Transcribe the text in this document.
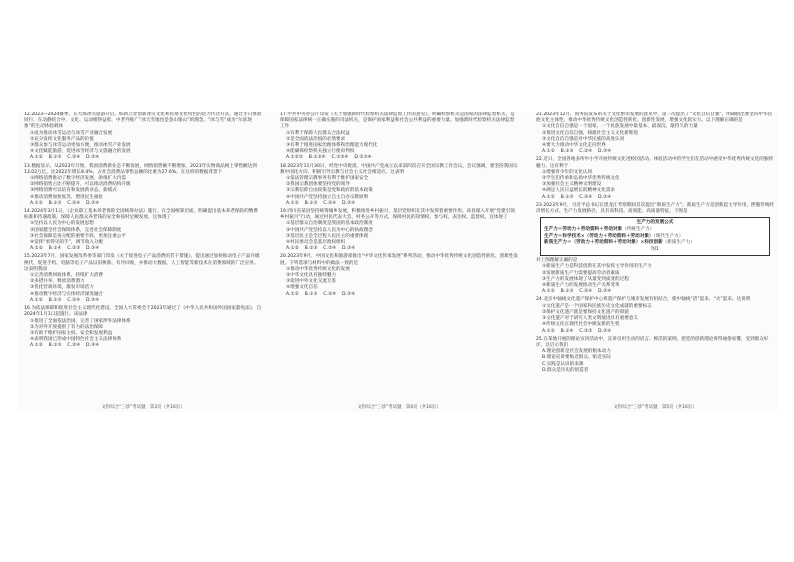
12.2023—2024赛季，在大海冰雪旅游开启，标新立异创新冰雪文化和民俗文化特色的活力传达方式，通过冬日体验同行，在动静结合中，文化、运动相得益彰，中老外推广“冰天雪地也是金山银山”的理念。“冰与雪”成为“尔滨现象”的生动体验载体

①成为推动冰雪运动与冰雪产业融合发展

②充分发挥文化服务产品的价值

③群众参与冰雪运动更加方便，推动冰雪产业发展

④文化赋能旅游，促进冰雪经济与文旅融合的发展

A.①②    B.①③    C.②④    D.③④

13.数据显示，从2023年开始，我国消费新业态不断发展，网络销售额不断增加，2023年实物商品网上零售额达到13.02万亿，比2022年增长8.4%，占社会消费品零售总额的比重为27.6%。在这样的数据背景下

①网络消费推动了数字经济发展，助推扩大内需

②网络销售占比不断提升，可以推动消费结构升级

③网络消费可以培育和发展新业态、新模式

④推动消费加快复苏，增进民生福祉

A.①②    B.①③    C.②④    D.③④

14.2024年3月1日，《企业职工基本养老保险全国统筹办法》施行。在全国统筹层面，明确提出基本养老保险的缴费标准和待遇政策，保障人民群众养老钱的安全和按时足额发放，这体现了

①坚持以人民为中心的发展思想

②国家健全社会保障体系，完善社会保障制度

③社会保障是再分配的重要手段，更加注重公平

④发挥“看得见的手”，调节收入分配

A.①②    B.①④    C.②③    D.③④

15.2023年7月，国家发展改革委等部门印发《关于促进电子产品消费的若干措施》，提出通过加快推动电子产品升级换代，促进手机、电脑等电子产品以旧换新、有序回收，并推动大数据、人工智能等新技术在消费领域的广泛应用。这表明我国

①完善消费回收体系，持续扩大消费

②多措并举，释放消费潜力

③优化营商环境，激发市场活力

④推动数字经济与实体经济深度融合

A.①②    B.①③    C.②④    D.③④

16.为依法保障和促进社会主义现代化建设，全国人大常委会于2023年通过了《中华人民共和国外国国家豁免法》，自2024年1月1日起施行。该法律

①推进了全面依法治国，完善了国家涉外法律体系

②为对外开放提供了有力的法治保障

③有助于维护国家主权、安全和发展利益

④表明我国已形成中国特色社会主义法律体系

A.①②    B.①③    C.②④    D.③④

17.中共中央办公厅印发《关于加强新时代检察机关法律监督工作的意见》，明确检察机关是国家的法律监督机关，是保障国家法律统一正确实施的司法机关，是保护国家利益和社会公共利益的重要力量。加强新时代检察机关法律监督工作

①有利于保障人民群众合法权益

②是全面依法治国的必然要求

③有利于推进国家治理体系和治理能力现代化

④能确保检察机关独立行使审判权

A.①②③    B.①②④    C.①③④    D.②③④

18.2023年11月30日，经党中央批准，中国共产党成立以来第四次召开全国宗教工作会议。会议强调，要坚持我国宗教中国化方向，积极引导宗教与社会主义社会相适应。这表明

①依法管理宗教事务有利于维护国家安全

②我国宗教团体要坚持党的领导

③宗教信仰自由政策是党和政府的基本政策

④中国共产党坚持独立自主自办宗教原则

A.①②    B.①③    C.②④    D.③④

19.四川省某县坚持统筹城乡发展，积极推进乡村振兴，基层党组织在其中发挥着重要作用。该县深入开展“党建引领乡村振兴”行动，通过村民代表大会、村务公开等方式，保障村民的知情权、参与权、表达权、监督权。这体现了

①基层群众自治制度是我国的基本政治制度

②中国共产党坚持以人民为中心的执政理念

③基层民主是全过程人民民主的重要体现

④村民委员会是基层政权组织

A.①②    B.①③    C.②④    D.③④

20.2023年9月，中国文化和旅游部推出“中华文化传承发展”系列活动，推动中华优秀传统文化创造性转化、创新性发展。下列选项与材料中的做法一致的是

①推动中华优秀传统文化的发展

②中华文化具有独特魅力

③促进中外文化交流互鉴

④增强文化自信

A.①②    B.①③    C.②④    D.③④

21.2023年12月，国务院发布的关于文化繁荣发展的意见中，第一次提出了“文化自信自强”，明确指出要坚持中华民族文化主体性，推动中华优秀传统文化创造性转化、创新性发展，增强文化软实力。以下理解正确的是

①文化自信自强是一个国家、一个民族发展中最基本、最深沉、最持久的力量

②推进文化自信自强，铸就社会主义文化新辉煌

③文化自信自强是对中华民族的高度认同

④要大力推动中华文化走向世界

A.①②    B.①③    C.②④    D.③④

22.近日，全国各地多所中小学开展传统文化进校园活动。体验活动中的学生们在活动中感受中华优秀传统文化的独特魅力，这有利于

①增强青少年的文化认同

②学生们传承和弘扬中华优秀传统文化

③加强社会主义精神文明建设

④满足人民日益增长的精神文化需求

A.①②    B.①③    C.②④    D.③④

23.2023年9月，习近平总书记在黑龙江考察期间首次提出“新质生产力”。新质生产力是创新起主导作用，摆脱传统经济增长方式、生产力发展路径，具有高科技、高效能、高质量特征。下图是

生产力的发展公式

生产力＝劳动力＋劳动资料＋劳动对象（传统生产力）

生产力＝科学技术×（劳动力＋劳动资料＋劳动对象）（现代生产力）

新质生产力＝（劳动力＋劳动资料＋劳动对象）×科技创新（新质生产力）

图1

对上图理解正确的是

①新质生产力是科技创新在其中发挥主导作用的生产力

②发展新质生产力需要提高劳动者素质

③生产力的发展体现了从量变到质变的过程

④新质生产力的发展推动生产关系变革

A.①②    B.①③    C.②④    D.③④

24.北京中轴线文化遗产保护中心将遗产保护与城市发展有机结合，使中轴线“活”起来、“火”起来。这说明

①文化遗产是一个国家和民族历史文化成就的重要标志

②保护文化遗产就是要保持文化遗产的原貌

③文化遗产对于研究人类文明演进具有重要意义

④传统文化在现代社会中焕发新的生机

A.①②    B.①④    C.②③    D.③④

25.在某地开展的理论宣讲活动中，宣讲员用生动的语言、鲜活的案例，把党的创新理论讲得通俗易懂，受到群众好评。这启示我们

A.理论创新是社会发展的根本动力

B.理论宣讲要贴近群众、贴近实际

C.实践是认识的来源

D.群众是历史的创造者

文科综合“三诊”考试题　第3页（共16页）	文科综合“三诊”考试题　第4页（共16页）	文科综合“三诊”考试题　第5页（共16页）
